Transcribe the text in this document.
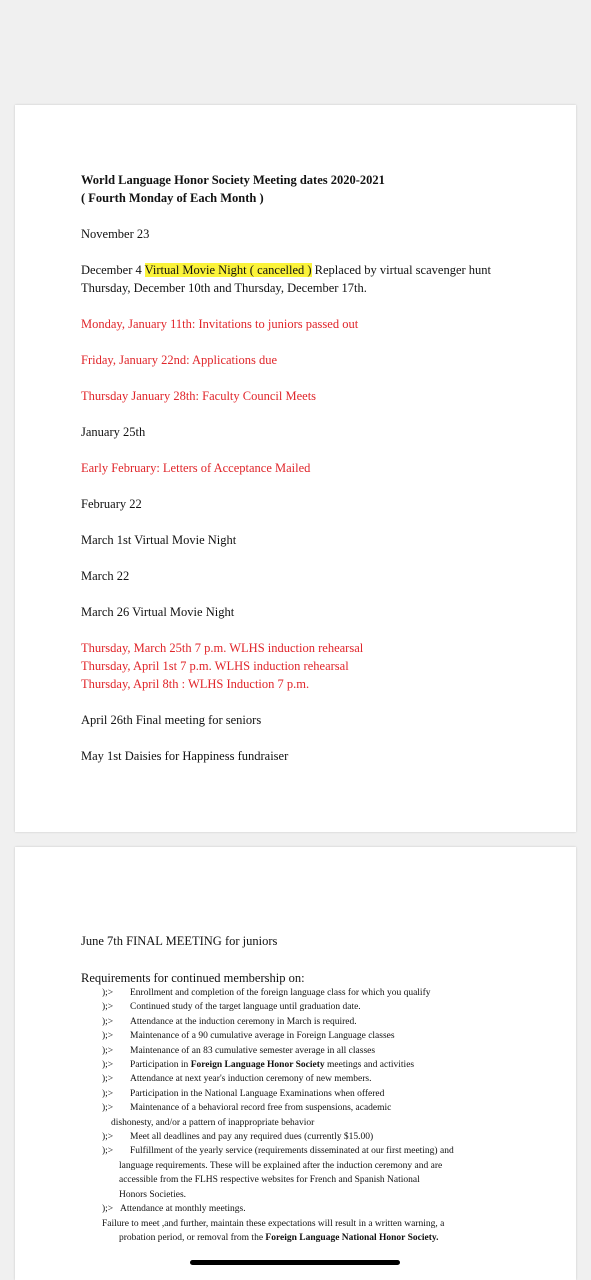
World Language Honor Society Meeting dates 2020-2021
( Fourth Monday of Each Month )
November 23
December 4 Virtual Movie Night ( cancelled ) Replaced by virtual scavenger hunt
Thursday, December 10th and Thursday, December 17th.
Monday, January 11th: Invitations to juniors passed out
Friday, January 22nd: Applications due
Thursday January 28th: Faculty Council Meets
January 25th
Early February: Letters of Acceptance Mailed
February 22
March 1st Virtual Movie Night
March 22
March 26 Virtual Movie Night
Thursday, March 25th 7 p.m. WLHS induction rehearsal
Thursday, April 1st 7 p.m. WLHS induction rehearsal
Thursday, April 8th : WLHS Induction 7 p.m.
April 26th Final meeting for seniors
May 1st Daisies for Happiness fundraiser
June 7th FINAL MEETING for juniors
Requirements for continued membership on:
);> Enrollment and completion of the foreign language class for which you qualify
);> Continued study of the target language until graduation date.
);> Attendance at the induction ceremony in March is required.
);> Maintenance of a 90 cumulative average in Foreign Language classes
);> Maintenance of an 83 cumulative semester average in all classes
);> Participation in Foreign Language Honor Society meetings and activities
);> Attendance at next year's induction ceremony of new members.
);> Participation in the National Language Examinations when offered
);> Maintenance of a behavioral record free from suspensions, academic
dishonesty, and/or a pattern of inappropriate behavior
);> Meet all deadlines and pay any required dues (currently $15.00)
);> Fulfillment of the yearly service (requirements disseminated at our first meeting) and
language requirements. These will be explained after the induction ceremony and are
accessible from the FLHS respective websites for French and Spanish National
Honors Societies.
);> Attendance at monthly meetings.
Failure to meet ,and further, maintain these expectations will result in a written warning, a
probation period, or removal from the Foreign Language National Honor Society.
